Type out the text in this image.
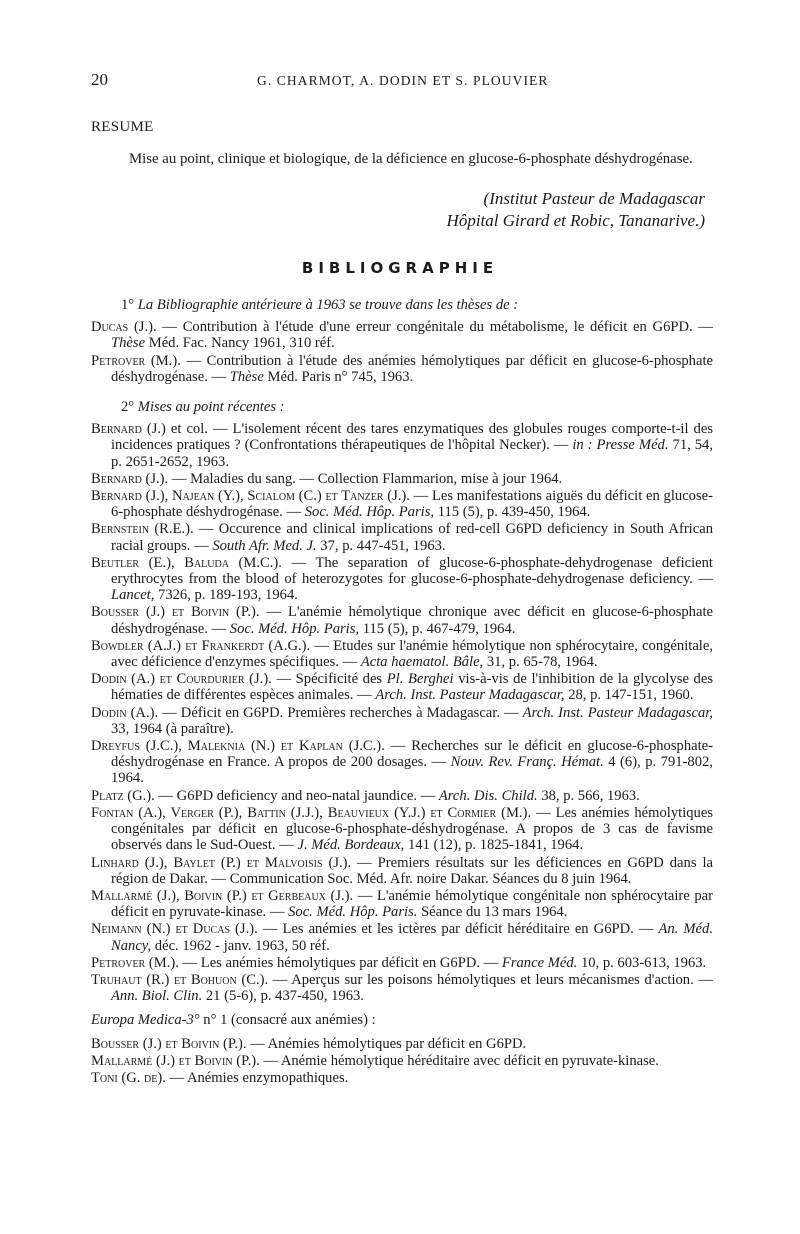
20	G. CHARMOT, A. DODIN ET S. PLOUVIER
RESUME
Mise au point, clinique et biologique, de la déficience en glucose-6-phosphate déshydrogénase.
(Institut Pasteur de Madagascar
Hôpital Girard et Robic, Tananarive.)
BIBLIOGRAPHIE

1° La Bibliographie antérieure à 1963 se trouve dans les thèses de :

Ducas (J.). — Contribution à l'étude d'une erreur congénitale du métabolisme, le déficit en G6PD. — Thèse Méd. Fac. Nancy 1961, 310 réf.

Petrover (M.). — Contribution à l'étude des anémies hémolytiques par déficit en glucose-6-phosphate déshydrogénase. — Thèse Méd. Paris n° 745, 1963.

2° Mises au point récentes :

Bernard (J.) et col. — L'isolement récent des tares enzymatiques des globules rouges comporte-t-il des incidences pratiques ? (Confrontations thérapeutiques de l'hôpital Necker). — in : Presse Méd. 71, 54, p. 2651-2652, 1963.

Bernard (J.). — Maladies du sang. — Collection Flammarion, mise à jour 1964.

Bernard (J.), Najean (Y.), Scialom (C.) et Tanzer (J.). — Les manifestations aiguës du déficit en glucose-6-phosphate déshydrogénase. — Soc. Méd. Hôp. Paris, 115 (5), p. 439-450, 1964.

Bernstein (R.E.). — Occurence and clinical implications of red-cell G6PD deficiency in South African racial groups. — South Afr. Med. J. 37, p. 447-451, 1963.

Beutler (E.), Baluda (M.C.). — The separation of glucose-6-phosphate-dehydrogenase deficient erythrocytes from the blood of heterozygotes for glucose-6-phosphate-dehydrogenase deficiency. — Lancet, 7326, p. 189-193, 1964.

Bousser (J.) et Boivin (P.). — L'anémie hémolytique chronique avec déficit en glucose-6-phosphate déshydrogénase. — Soc. Méd. Hôp. Paris, 115 (5), p. 467-479, 1964.

Bowdler (A.J.) et Frankerdt (A.G.). — Etudes sur l'anémie hémolytique non sphérocytaire, congénitale, avec déficience d'enzymes spécifiques. — Acta haematol. Bâle, 31, p. 65-78, 1964.

Dodin (A.) et Courdurier (J.). — Spécificité des Pl. Berghei vis-à-vis de l'inhibition de la glycolyse des hématies de différentes espèces animales. — Arch. Inst. Pasteur Madagascar, 28, p. 147-151, 1960.

Dodin (A.). — Déficit en G6PD. Premières recherches à Madagascar. — Arch. Inst. Pasteur Madagascar, 33, 1964 (à paraître).

Dreyfus (J.C.), Maleknia (N.) et Kaplan (J.C.). — Recherches sur le déficit en glucose-6-phosphate-déshydrogénase en France. A propos de 200 dosages. — Nouv. Rev. Franç. Hémat. 4 (6), p. 791-802, 1964.

Platz (G.). — G6PD deficiency and neo-natal jaundice. — Arch. Dis. Child. 38, p. 566, 1963.

Fontan (A.), Verger (P.), Battin (J.J.), Beauvieux (Y.J.) et Cormier (M.). — Les anémies hémolytiques congénitales par déficit en glucose-6-phosphate-déshydrogénase. A propos de 3 cas de favisme observés dans le Sud-Ouest. — J. Méd. Bordeaux, 141 (12), p. 1825-1841, 1964.

Linhard (J.), Baylet (P.) et Malvoisis (J.). — Premiers résultats sur les déficiences en G6PD dans la région de Dakar. — Communication Soc. Méd. Afr. noire Dakar. Séances du 8 juin 1964.

Mallarmé (J.), Boivin (P.) et Gerbeaux (J.). — L'anémie hémolytique congénitale non sphérocytaire par déficit en pyruvate-kinase. — Soc. Méd. Hôp. Paris. Séance du 13 mars 1964.

Neimann (N.) et Ducas (J.). — Les anémies et les ictères par déficit héréditaire en G6PD. — An. Méd. Nancy, déc. 1962 - janv. 1963, 50 réf.

Petrover (M.). — Les anémies hémolytiques par déficit en G6PD. — France Méd. 10, p. 603-613, 1963.

Truhaut (R.) et Bohuon (C.). — Aperçus sur les poisons hémolytiques et leurs mécanismes d'action. — Ann. Biol. Clin. 21 (5-6), p. 437-450, 1963.

Europa Medica-3° n° 1 (consacré aux anémies) :

Bousser (J.) et Boivin (P.). — Anémies hémolytiques par déficit en G6PD.

Mallarmé (J.) et Boivin (P.). — Anémie hémolytique héréditaire avec déficit en pyruvate-kinase.

Toni (G. de). — Anémies enzymopathiques.
